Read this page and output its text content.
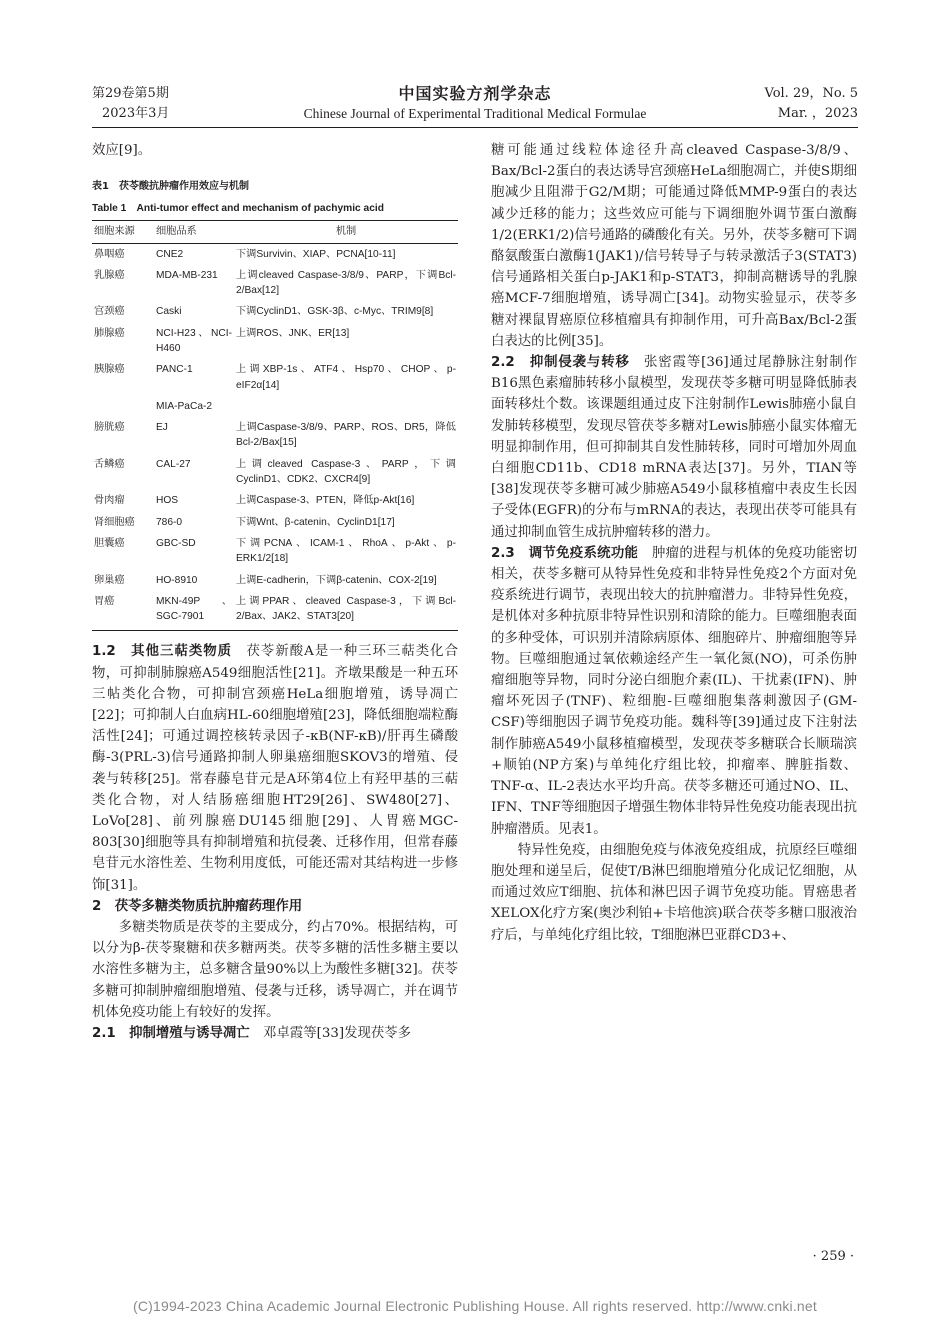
第29卷第5期
2023年3月
中国实验方剂学杂志
Chinese Journal of Experimental Traditional Medical Formulae
Vol. 29，No. 5
Mar. ，2023

效应[9]。

表1　茯苓酸抗肿瘤作用效应与机制

Table 1　Anti-tumor effect and mechanism of pachymic acid

细胞来源	细胞品系	机制
鼻咽癌	CNE2	下调Survivin、XIAP、PCNA[10-11]
乳腺癌	MDA-MB-231	上调cleaved Caspase-3/8/9、PARP，下调Bcl-2/Bax[12]
宫颈癌	Caski	下调CyclinD1、GSK-3β、c-Myc、TRIM9[8]
肺腺癌	NCI-H23、NCI-H460	上调ROS、JNK、ER[13]
胰腺癌	PANC-1	上调XBP-1s、ATF4、Hsp70、CHOP、p-eIF2α[14]
	MIA-PaCa-2	
膀胱癌	EJ	上调Caspase-3/8/9、PARP、ROS、DR5，降低Bcl-2/Bax[15]
舌鳞癌	CAL-27	上调cleaved Caspase-3、PARP，下调CyclinD1、CDK2、CXCR4[9]
骨肉瘤	HOS	上调Caspase-3、PTEN，降低p-Akt[16]
肾细胞癌	786-0	下调Wnt、β-catenin、CyclinD1[17]
胆囊癌	GBC-SD	下调PCNA、ICAM-1、RhoA、p-Akt、p-ERK1/2[18]
卵巢癌	HO-8910	上调E-cadherin，下调β-catenin、COX-2[19]
胃癌	MKN-49P、SGC-7901	上调PPAR、cleaved Caspase-3，下调Bcl-2/Bax、JAK2、STAT3[20]

1.2　其他三萜类物质　 茯苓新酸A是一种三环三萜类化合物，可抑制肺腺癌A549细胞活性[21]。齐墩果酸是一种五环三帖类化合物，可抑制宫颈癌HeLa细胞增殖，诱导凋亡[22]；可抑制人白血病HL-60细胞增殖[23]，降低细胞端粒酶活性[24]；可通过调控核转录因子-κB(NF-κB)/肝再生磷酸酶-3(PRL-3)信号通路抑制人卵巢癌细胞SKOV3的增殖、侵袭与转移[25]。常春藤皂苷元是A环第4位上有羟甲基的三萜类化合物，对人结肠癌细胞HT29[26]、SW480[27]、LoVo[28]、前列腺癌DU145细胞[29]、人胃癌MGC-803[30]细胞等具有抑制增殖和抗侵袭、迁移作用，但常春藤皂苷元水溶性差、生物利用度低，可能还需对其结构进一步修饰[31]。

2　茯苓多糖类物质抗肿瘤药理作用

多糖类物质是茯苓的主要成分，约占70%。根据结构，可以分为β-茯苓聚糖和茯多糖两类。茯苓多糖的活性多糖主要以水溶性多糖为主，总多糖含量90%以上为酸性多糖[32]。茯苓多糖可抑制肿瘤细胞增殖、侵袭与迁移，诱导凋亡，并在调节机体免疫功能上有较好的发挥。

2.1　抑制增殖与诱导凋亡　 邓卓霞等[33]发现茯苓多

糖可能通过线粒体途径升高cleaved Caspase-3/8/9、Bax/Bcl-2蛋白的表达诱导宫颈癌HeLa细胞凋亡，并使S期细胞减少且阻滞于G2/M期；可能通过降低MMP-9蛋白的表达减少迁移的能力；这些效应可能与下调细胞外调节蛋白激酶1/2(ERK1/2)信号通路的磷酸化有关。另外，茯苓多糖可下调酪氨酸蛋白激酶1(JAK1)/信号转导子与转录激活子3(STAT3)信号通路相关蛋白p-JAK1和p-STAT3，抑制高糖诱导的乳腺癌MCF-7细胞增殖，诱导凋亡[34]。动物实验显示，茯苓多糖对裸鼠胃癌原位移植瘤具有抑制作用，可升高Bax/Bcl-2蛋白表达的比例[35]。

2.2　抑制侵袭与转移　 张密霞等[36]通过尾静脉注射制作B16黑色素瘤肺转移小鼠模型，发现茯苓多糖可明显降低肺表面转移灶个数。该课题组通过皮下注射制作Lewis肺癌小鼠自发肺转移模型，发现尽管茯苓多糖对Lewis肺癌小鼠实体瘤无明显抑制作用，但可抑制其自发性肺转移，同时可增加外周血白细胞CD11b、CD18 mRNA表达[37]。另外，TIAN等[38]发现茯苓多糖可减少肺癌A549小鼠移植瘤中表皮生长因子受体(EGFR)的分布与mRNA的表达，表现出茯苓可能具有通过抑制血管生成抗肿瘤转移的潜力。

2.3　调节免疫系统功能　 肿瘤的进程与机体的免疫功能密切相关，茯苓多糖可从特异性免疫和非特异性免疫2个方面对免疫系统进行调节，表现出较大的抗肿瘤潜力。非特异性免疫，是机体对多种抗原非特异性识别和清除的能力。巨噬细胞表面的多种受体，可识别并清除病原体、细胞碎片、肿瘤细胞等异物。巨噬细胞通过氧依赖途经产生一氧化氮(NO)，可杀伤肿瘤细胞等异物，同时分泌白细胞介素(IL)、干扰素(IFN)、肿瘤坏死因子(TNF)、粒细胞-巨噬细胞集落刺激因子(GM-CSF)等细胞因子调节免疫功能。魏科等[39]通过皮下注射法制作肺癌A549小鼠移植瘤模型，发现茯苓多糖联合长顺瑞滨+顺铂(NP方案)与单纯化疗组比较，抑瘤率、脾脏指数、TNF-α、IL-2表达水平均升高。茯苓多糖还可通过NO、IL、IFN、TNF等细胞因子增强生物体非特异性免疫功能表现出抗肿瘤潜质。见表1。

特异性免疫，由细胞免疫与体液免疫组成，抗原经巨噬细胞处理和递呈后，促使T/B淋巴细胞增殖分化成记忆细胞，从而通过效应T细胞、抗体和淋巴因子调节免疫功能。胃癌患者XELOX化疗方案(奥沙利铂+卡培他滨)联合茯苓多糖口服液治疗后，与单纯化疗组比较，T细胞淋巴亚群CD3+、

· 259 ·
(C)1994-2023 China Academic Journal Electronic Publishing House. All rights reserved. http://www.cnki.net
